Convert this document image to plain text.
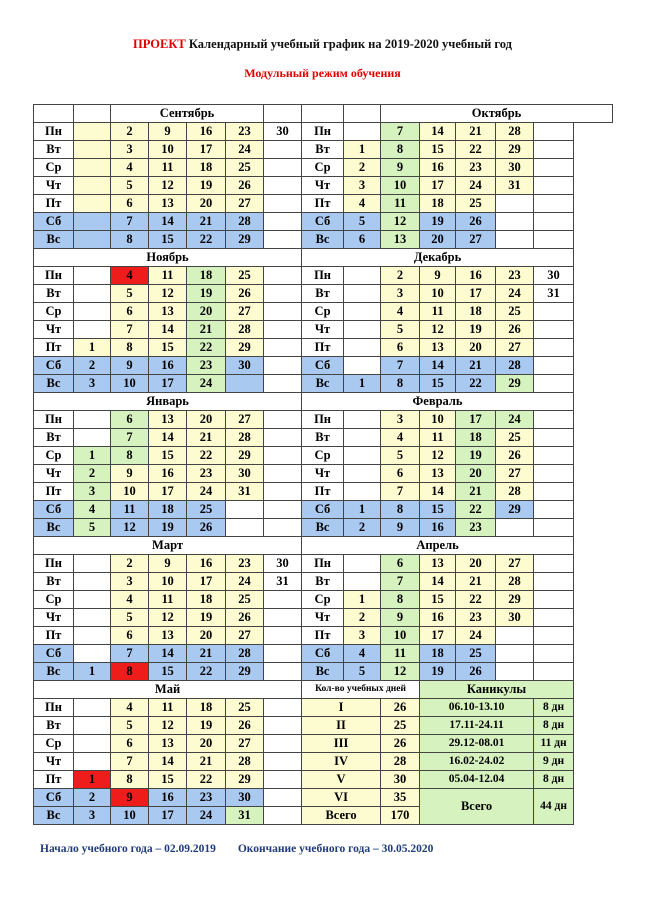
ПРОЕКТ Календарный учебный график на 2019-2020 учебный год
Модульный режим обучения
		Сентябрь							Октябрь				
Пн		2	9	16	23	30	Пн		7	14	21	28	
Вт		3	10	17	24		Вт	1	8	15	22	29	
Ср		4	11	18	25		Ср	2	9	16	23	30	
Чт		5	12	19	26		Чт	3	10	17	24	31	
Пт		6	13	20	27		Пт	4	11	18	25		
Сб		7	14	21	28		Сб	5	12	19	26		
Вс		8	15	22	29		Вс	6	13	20	27		
Ноябрь							Декабрь						
Пн		4	11	18	25		Пн		2	9	16	23	30
Вт		5	12	19	26		Вт		3	10	17	24	31
Ср		6	13	20	27		Ср		4	11	18	25	
Чт		7	14	21	28		Чт		5	12	19	26	
Пт	1	8	15	22	29		Пт		6	13	20	27	
Сб	2	9	16	23	30		Сб		7	14	21	28	
Вс	3	10	17	24			Вс	1	8	15	22	29	
Январь							Февраль						
Пн		6	13	20	27		Пн		3	10	17	24	
Вт		7	14	21	28		Вт		4	11	18	25	
Ср	1	8	15	22	29		Ср		5	12	19	26	
Чт	2	9	16	23	30		Чт		6	13	20	27	
Пт	3	10	17	24	31		Пт		7	14	21	28	
Сб	4	11	18	25			Сб	1	8	15	22	29	
Вс	5	12	19	26			Вс	2	9	16	23		
Март							Апрель						
Пн		2	9	16	23	30	Пн		6	13	20	27	
Вт		3	10	17	24	31	Вт		7	14	21	28	
Ср		4	11	18	25		Ср	1	8	15	22	29	
Чт		5	12	19	26		Чт	2	9	16	23	30	
Пт		6	13	20	27		Пт	3	10	17	24		
Сб		7	14	21	28		Сб	4	11	18	25		
Вс	1	8	15	22	29		Вс	5	12	19	26		
Май							Кол-во учебных дней			Каникулы			
Пн		4	11	18	25		I		26	06.10-13.10			8 дн
Вт		5	12	19	26		II		25	17.11-24.11			8 дн
Ср		6	13	20	27		III		26	29.12-08.01			11 дн
Чт		7	14	21	28		IV		28	16.02-24.02			9 дн
Пт	1	8	15	22	29		V		30	05.04-12.04			8 дн
Сб	2	9	16	23	30		VI		35	Всего			44 дн
Вс	3	10	17	24	31		Всего		170				
Начало учебного года – 02.09.2019 Окончание учебного года – 30.05.2020
